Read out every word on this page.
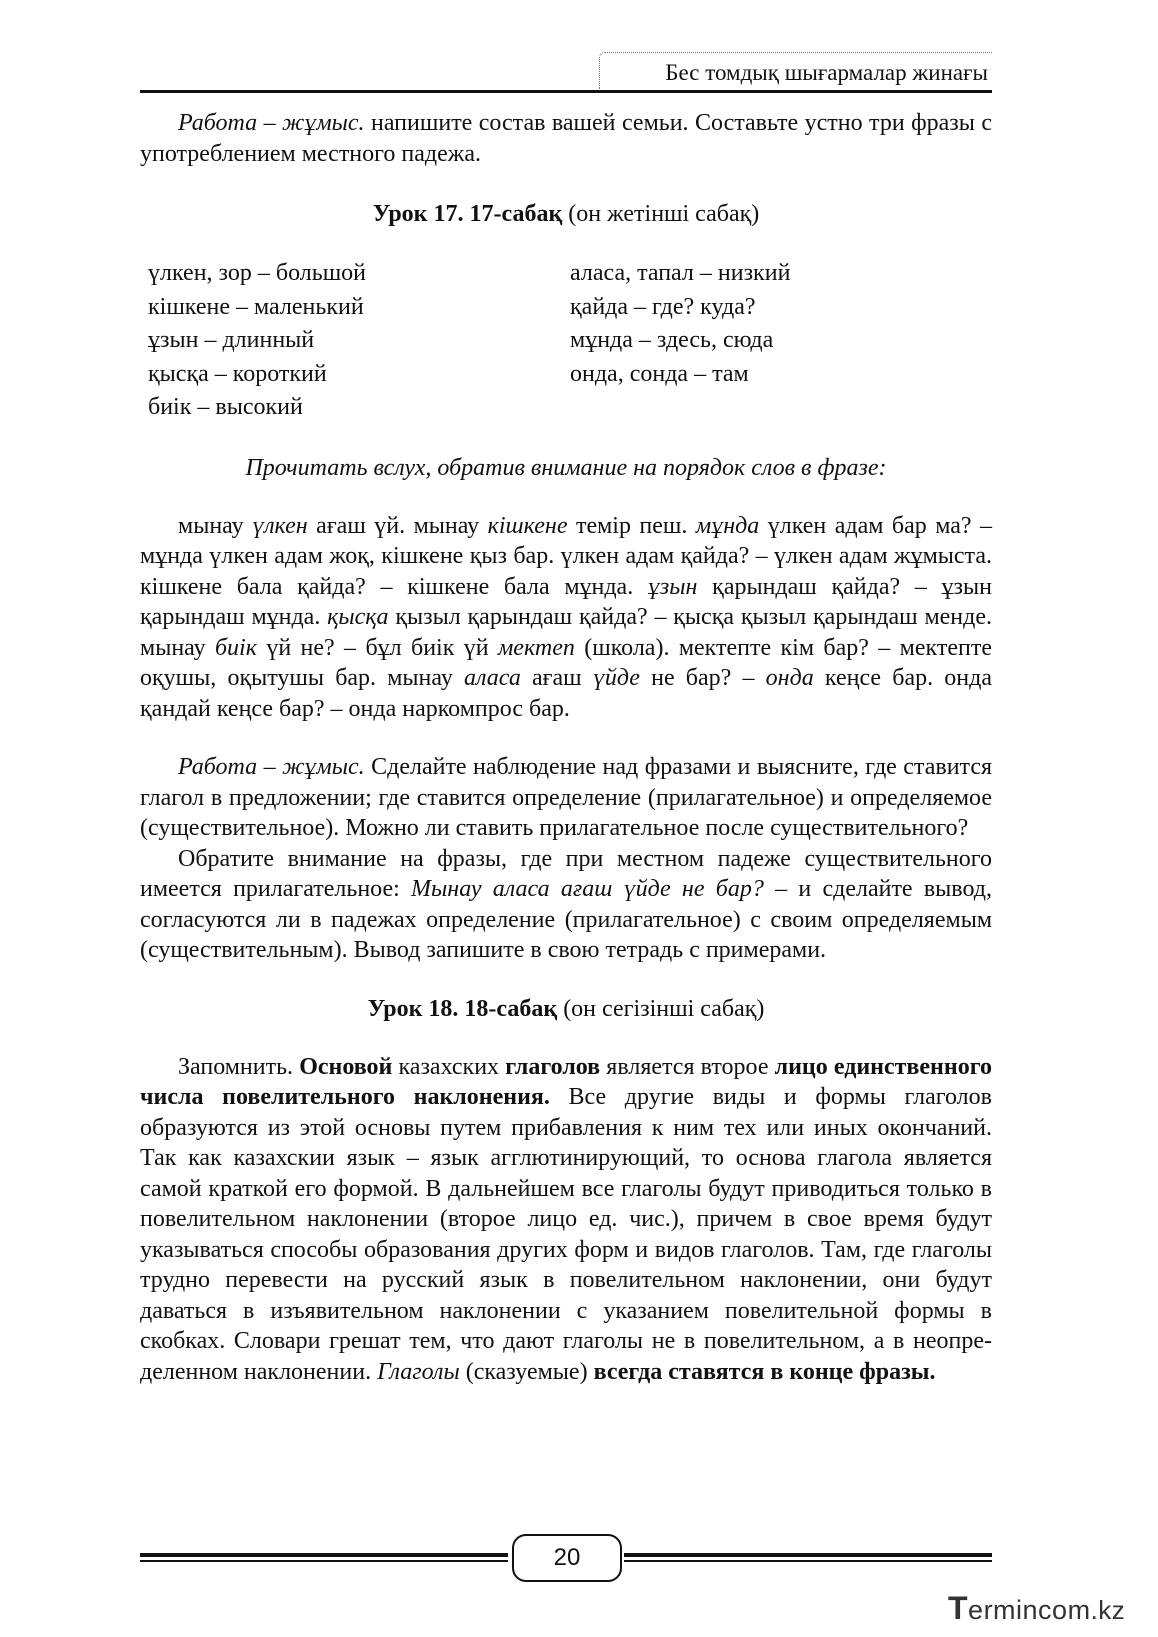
Бес томдық шығармалар жинағы

Работа – жұмыс. напишите состав вашей семьи. Составьте устно три фразы с употреблением местного падежа.

Урок 17. 17-сабақ (он жетінші сабақ)

үлкен, зор – большой
кішкене – маленький
ұзын – длинный
қысқа – короткий
биік – высокий
аласа, тапал – низкий
қайда – где? куда?
мұнда – здесь, сюда
онда, сонда – там

Прочитать вслух, обратив внимание на порядок слов в фразе:

мынау үлкен ағаш үй. мынау кішкене темір пеш. мұнда үлкен адам бар ма? – мұнда үлкен адам жоқ, кішкене қыз бар. үлкен адам қайда? – үлкен адам жұмыста. кішкене бала қайда? – кішкене бала мұнда. ұзын қарындаш қайда? – ұзын қарындаш мұнда. қысқа қызыл қарындаш қайда? – қысқа қызыл қарындаш менде. мынау биік үй не? – бұл биік үй мектеп (школа). мектепте кім бар? – мектепте оқушы, оқытушы бар. мынау аласа ағаш үйде не бар? – онда кеңсе бар. онда қандай кеңсе бар? – онда наркомпрос бар.

Работа – жұмыс. Сделайте наблюдение над фразами и выясните, где ставится глагол в предложении; где ставится определение (прилагательное) и определяемое (существительное). Можно ли ставить прилагательное после существительного?

Обратите внимание на фразы, где при местном падеже существительного имеется прилагательное: Мынау аласа ағаш үйде не бар? – и сделайте вывод, согласуются ли в падежах определение (прилагательное) с своим определяемым (существительным). Вывод запишите в свою тетрадь с примерами.

Урок 18. 18-сабақ (он сегізінші сабақ)

Запомнить. Основой казахских глаголов является второе лицо единственного числа повелительного наклонения. Все другие виды и формы глаголов образуются из этой основы путем прибавления к ним тех или иных окончаний. Так как казахскии язык – язык агглютинирующий, то основа глагола является самой краткой его формой. В дальнейшем все глаголы будут приводиться только в повелительном наклонении (второе лицо ед. чис.), причем в свое время будут указываться способы образования других форм и видов глаголов. Там, где глаголы трудно перевести на русский язык в повелительном наклонении, они будут даваться в изъявительном наклонении с указанием повелительной формы в скобках. Словари грешат тем, что дают глаголы не в повелительном, а в неопределенном наклонении. Глаголы (сказуемые) всегда ставятся в конце фразы.

20
Termincom.kz
